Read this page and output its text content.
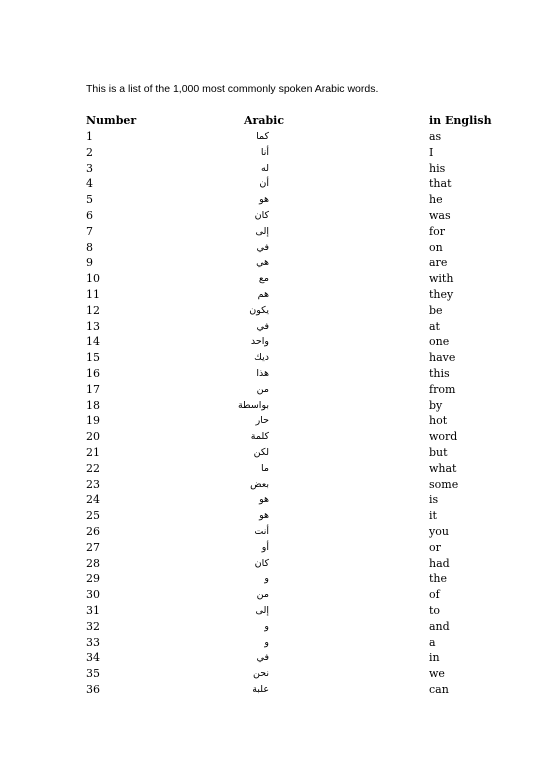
This is a list of the 1,000 most commonly spoken Arabic words.
Number	Arabic	in English
1	كما	as
2	أنا	I
3	له	his
4	أن	that
5	هو	he
6	كان	was
7	إلى	for
8	في	on
9	هي	are
10	مع	with
11	هم	they
12	يكون	be
13	في	at
14	واحد	one
15	ديك	have
16	هذا	this
17	من	from
18	بواسطة	by
19	حار	hot
20	كلمة	word
21	لكن	but
22	ما	what
23	بعض	some
24	هو	is
25	هو	it
26	أنت	you
27	أو	or
28	كان	had
29	و	the
30	من	of
31	إلى	to
32	و	and
33	و	a
34	في	in
35	نحن	we
36	علبة	can
